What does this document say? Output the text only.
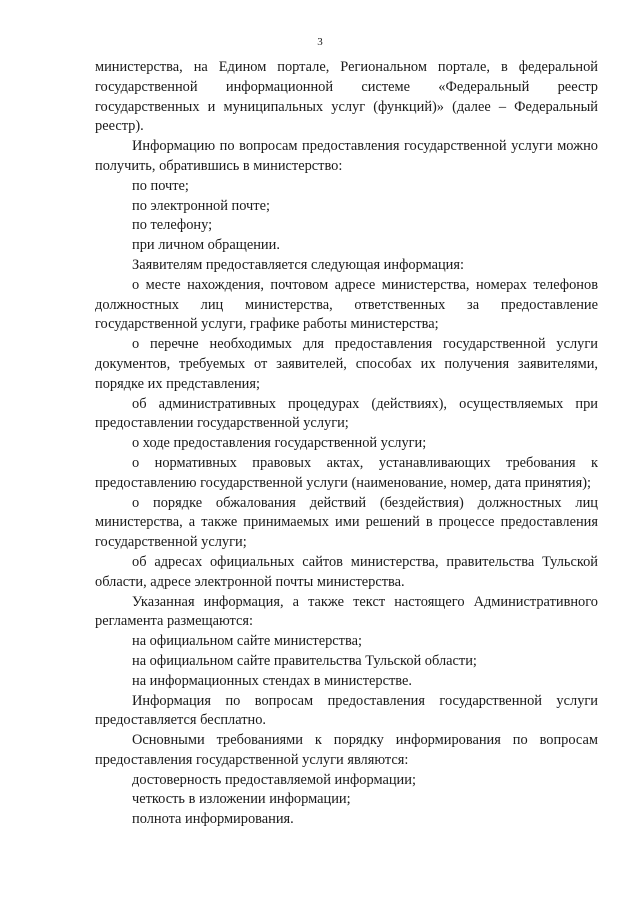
3

министерства, на Едином портале, Региональном портале, в федеральной государственной информационной системе «Федеральный реестр государственных и муниципальных услуг (функций)» (далее – Федеральный реестр).

Информацию по вопросам предоставления государственной услуги можно получить, обратившись в министерство:

по почте;

по электронной почте;

по телефону;

при личном обращении.

Заявителям предоставляется следующая информация:

о месте нахождения, почтовом адресе министерства, номерах телефонов должностных лиц министерства, ответственных за предоставление государственной услуги, графике работы министерства;

о перечне необходимых для предоставления государственной услуги документов, требуемых от заявителей, способах их получения заявителями, порядке их представления;

об административных процедурах (действиях), осуществляемых при предоставлении государственной услуги;

о ходе предоставления государственной услуги;

о нормативных правовых актах, устанавливающих требования к предоставлению государственной услуги (наименование, номер, дата принятия);

о порядке обжалования действий (бездействия) должностных лиц министерства, а также принимаемых ими решений в процессе предоставления государственной услуги;

об адресах официальных сайтов министерства, правительства Тульской области, адресе электронной почты министерства.

Указанная информация, а также текст настоящего Административного регламента размещаются:

на официальном сайте министерства;

на официальном сайте правительства Тульской области;

на информационных стендах в министерстве.

Информация по вопросам предоставления государственной услуги предоставляется бесплатно.

Основными требованиями к порядку информирования по вопросам предоставления государственной услуги являются:

достоверность предоставляемой информации;

четкость в изложении информации;

полнота информирования.
